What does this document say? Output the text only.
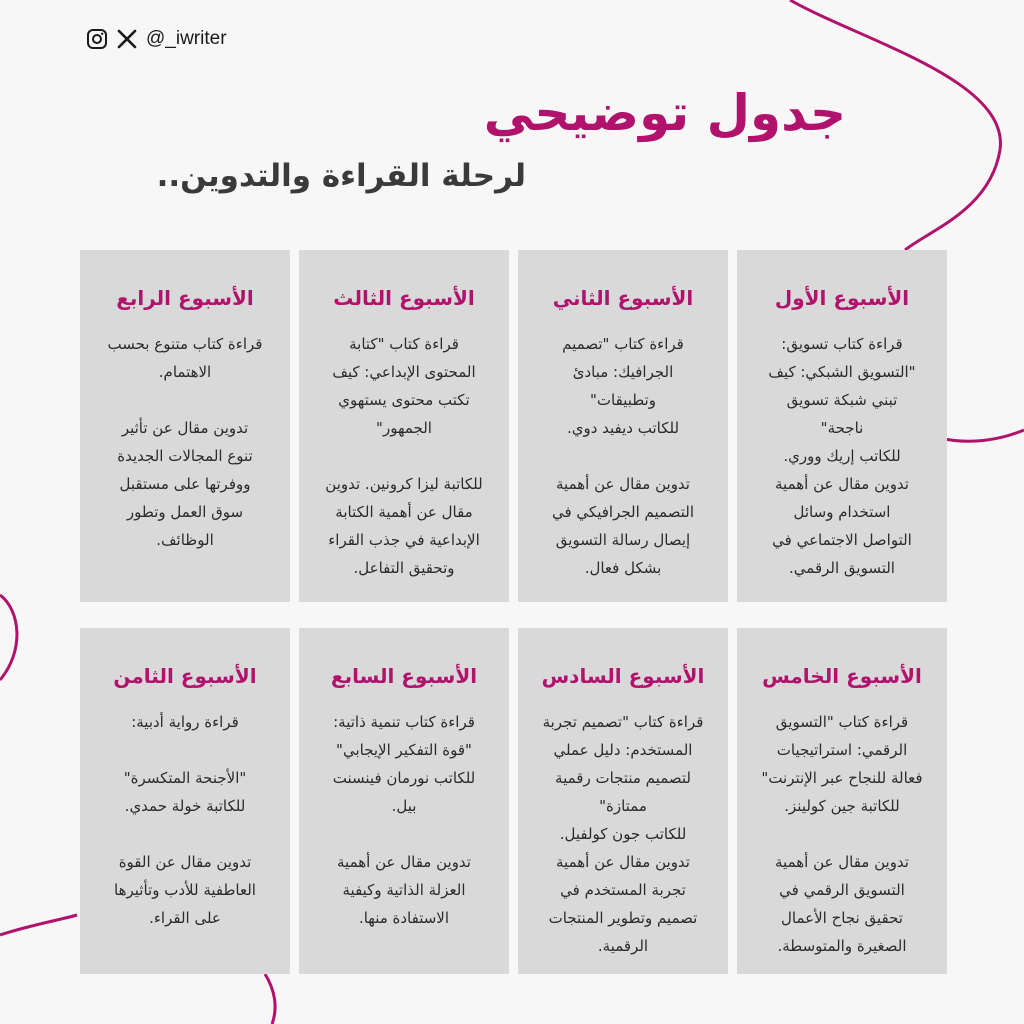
@_iwriter
جدول توضيحي
لرحلة القراءة والتدوين..
الأسبوع الأول

قراءة كتاب تسويق:
"التسويق الشبكي: كيف
تبني شبكة تسويق
ناجحة"
للكاتب إريك ووري.
تدوين مقال عن أهمية
استخدام وسائل
التواصل الاجتماعي في
التسويق الرقمي.

الأسبوع الثاني

قراءة كتاب "تصميم
الجرافيك: مبادئ
وتطبيقات"
للكاتب ديفيد دوي.

تدوين مقال عن أهمية
التصميم الجرافيكي في
إيصال رسالة التسويق
بشكل فعال.

الأسبوع الثالث

قراءة كتاب "كتابة
المحتوى الإبداعي: كيف
تكتب محتوى يستهوي
الجمهور"

للكاتبة ليزا كرونين. تدوين
مقال عن أهمية الكتابة
الإبداعية في جذب القراء
وتحقيق التفاعل.

الأسبوع الرابع

قراءة كتاب متنوع بحسب
الاهتمام.

تدوين مقال عن تأثير
تنوع المجالات الجديدة
ووفرتها على مستقبل
سوق العمل وتطور
الوظائف.

الأسبوع الخامس

قراءة كتاب "التسويق
الرقمي: استراتيجيات
فعالة للنجاح عبر الإنترنت"
للكاتبة جين كولينز.

تدوين مقال عن أهمية
التسويق الرقمي في
تحقيق نجاح الأعمال
الصغيرة والمتوسطة.

الأسبوع السادس

قراءة كتاب "تصميم تجربة
المستخدم: دليل عملي
لتصميم منتجات رقمية
ممتازة"
للكاتب جون كولفيل.
تدوين مقال عن أهمية
تجربة المستخدم في
تصميم وتطوير المنتجات
الرقمية.

الأسبوع السابع

قراءة كتاب تنمية ذاتية:
"قوة التفكير الإيجابي"
للكاتب نورمان فينسنت
بيل.

تدوين مقال عن أهمية
العزلة الذاتية وكيفية
الاستفادة منها.

الأسبوع الثامن

قراءة رواية أدبية:

"الأجنحة المتكسرة"
للكاتبة خولة حمدي.

تدوين مقال عن القوة
العاطفية للأدب وتأثيرها
على القراء.
